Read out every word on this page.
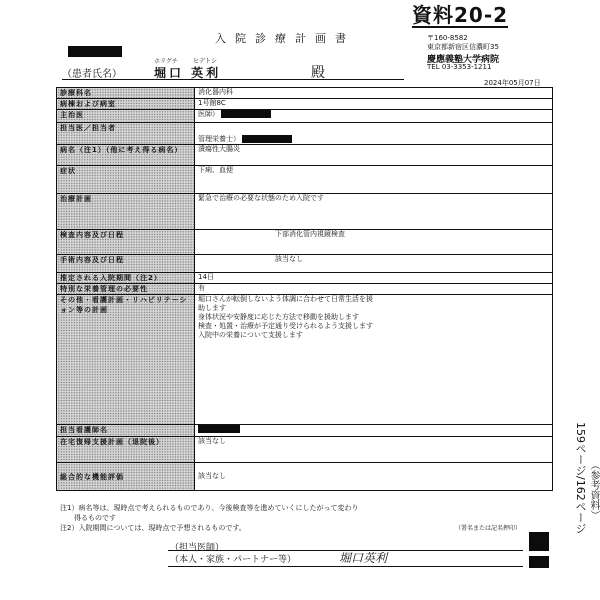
資料20-2
入院診療計画書
ホリグチ	ヒデトシ
（患者氏名）	堀口 英利	殿
〒160-8582
東京都新宿区信濃町35
慶應義塾大学病院
TEL 03-3353-1211
2024年05月07日
診療科名	消化器内科
病棟および病室	1号館8C
主治医	医師）
担当医／担当者	管理栄養士）
病名（注1）（他に考え得る病名）	潰瘍性大腸炎
症状	下痢、血便
治療計画	緊急で治療の必要な状態のため入院です
検査内容及び日程	下部消化管内視鏡検査
手術内容及び日程	該当なし
推定される入院期間（注2）	14日
特別な栄養管理の必要性	有
その他・看護計画・リハビリテーション等の計画	堀口さんが転倒しないよう体調に合わせて日常生活を援
助します
身体状況や安静度に応じた方法で移動を援助します
検査・処置・治療が予定通り受けられるよう支援します
入院中の栄養について支援します

担当看護師名	
在宅復帰支援計画（退院後）	該当なし
総合的な機能評価	該当なし
注1）病名等は、現時点で考えられるものであり、今後検査等を進めていくにしたがって変わり
　　得るものです
注2）入院期間については、現時点で予想されるものです。	（署名または記名押印）
（担当医師）
（本人・家族・パートナー等）	堀口英利
159ページ/162ページ （参考資料）
